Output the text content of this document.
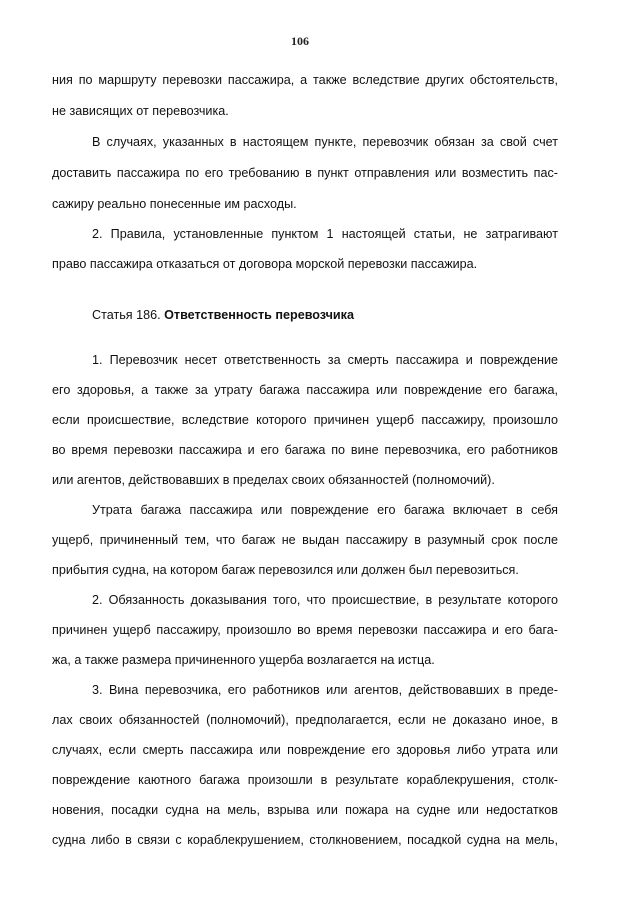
106
ния по маршруту перевозки пассажира, а также вследствие других обстоятельств,
не зависящих от перевозчика.
В случаях, указанных в настоящем пункте, перевозчик обязан за свой счет
доставить пассажира по его требованию в пункт отправления или возместить пас-
сажиру реально понесенные им расходы.
2. Правила, установленные пунктом 1 настоящей статьи, не затрагивают
право пассажира отказаться от договора морской перевозки пассажира.
Статья 186. Ответственность перевозчика
1. Перевозчик несет ответственность за смерть пассажира и повреждение
его здоровья, а также за утрату багажа пассажира или повреждение его багажа,
если происшествие, вследствие которого причинен ущерб пассажиру, произошло
во время перевозки пассажира и его багажа по вине перевозчика, его работников
или агентов, действовавших в пределах своих обязанностей (полномочий).
Утрата багажа пассажира или повреждение его багажа включает в себя
ущерб, причиненный тем, что багаж не выдан пассажиру в разумный срок после
прибытия судна, на котором багаж перевозился или должен был перевозиться.
2. Обязанность доказывания того, что происшествие, в результате которого
причинен ущерб пассажиру, произошло во время перевозки пассажира и его бага-
жа, а также размера причиненного ущерба возлагается на истца.
3. Вина перевозчика, его работников или агентов, действовавших в преде-
лах своих обязанностей (полномочий), предполагается, если не доказано иное, в
случаях, если смерть пассажира или повреждение его здоровья либо утрата или
повреждение каютного багажа произошли в результате кораблекрушения, столк-
новения, посадки судна на мель, взрыва или пожара на судне или недостатков
судна либо в связи с кораблекрушением, столкновением, посадкой судна на мель,
